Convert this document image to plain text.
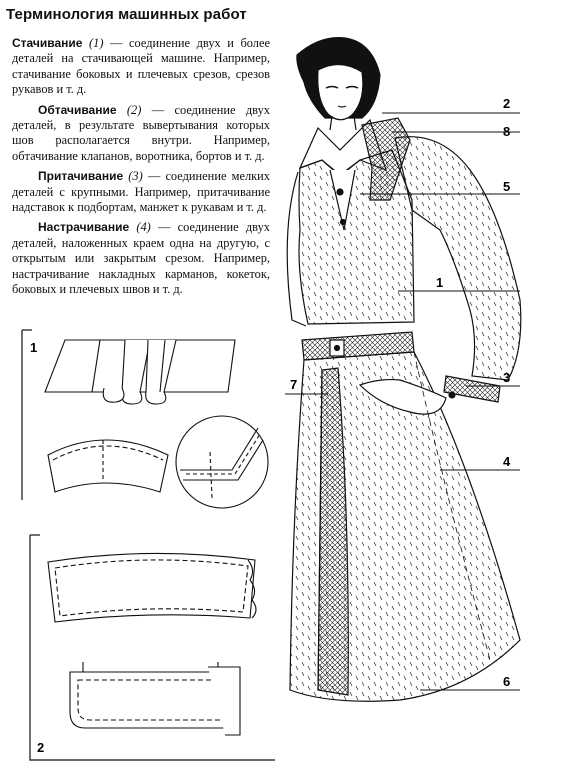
Терминология машинных работ

Стачивание (1) — соединение двух и более деталей на стачивающей машине. Например, стачивание боковых и плечевых срезов, срезов рукавов и т. д.

Обтачивание (2) — соединение двух деталей, в результате вывертывания которых шов располагается внутри. Например, обтачивание клапанов, воротника, бортов и т. д.

Притачивание (3) — соединение мелких деталей с крупными. Например, притачивание надставок к подбортам, манжет к рукавам и т. д.

Настрачивание (4) — соединение двух деталей, наложенных краем одна на другую, с открытым или закрытым срезом. Например, настрачивание накладных карманов, кокеток, боковых и плечевых швов и т. д.

1
2
2
8
5
1
3
7
4
6
